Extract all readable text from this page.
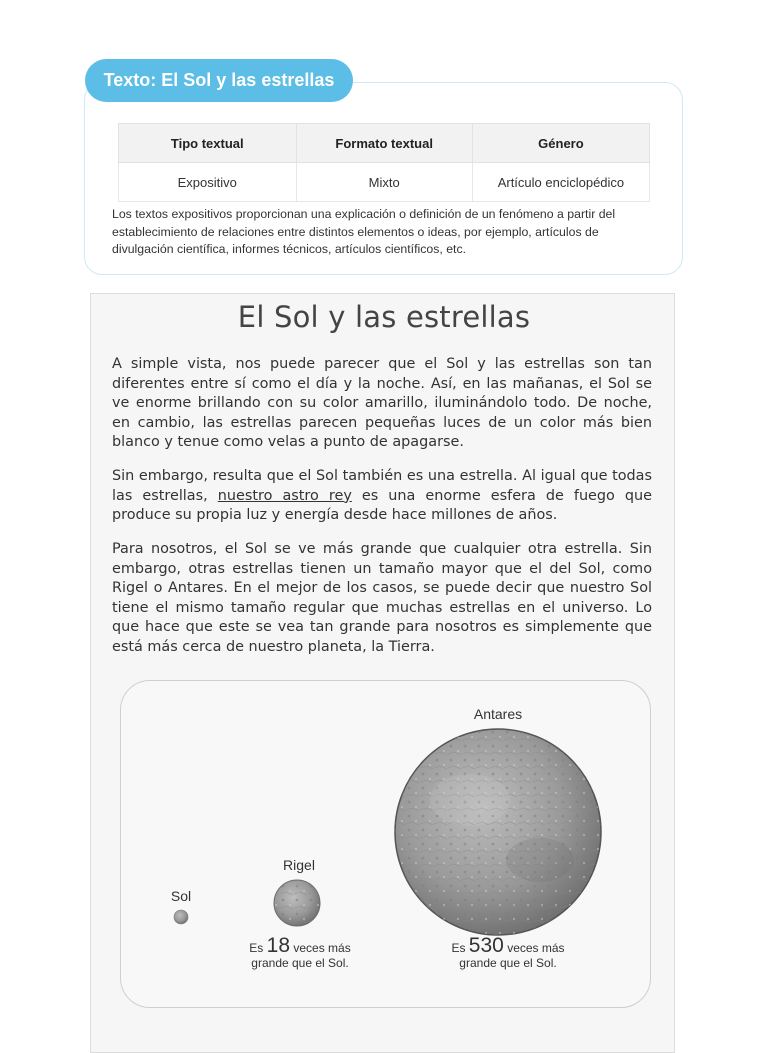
Texto: El Sol y las estrellas
Tipo textual	Formato textual	Género
Expositivo	Mixto	Artículo enciclopédico

Los textos expositivos proporcionan una explicación o definición de un fenómeno a partir del establecimiento de relaciones entre distintos elementos o ideas, por ejemplo, artículos de divulgación científica, informes técnicos, artículos científicos, etc.

El Sol y las estrellas

A simple vista, nos puede parecer que el Sol y las estrellas son tan diferentes entre sí como el día y la noche. Así, en las mañanas, el Sol se ve enorme brillando con su color amarillo, iluminándolo todo. De noche, en cambio, las estrellas parecen pequeñas luces de un color más bien blanco y tenue como velas a punto de apagarse.

Sin embargo, resulta que el Sol también es una estrella. Al igual que todas las estrellas, nuestro astro rey es una enorme esfera de fuego que produce su propia luz y energía desde hace millones de años.

Para nosotros, el Sol se ve más grande que cualquier otra estrella. Sin embargo, otras estrellas tienen un tamaño mayor que el del Sol, como Rigel o Antares. En el mejor de los casos, se puede decir que nuestro Sol tiene el mismo tamaño regular que muchas estrellas en el universo. Lo que hace que este se vea tan grande para nosotros es simplemente que está más cerca de nuestro planeta, la Tierra.

Sol
Rigel
Antares
Es 18 veces más
grande que el Sol.
Es 530 veces más
grande que el Sol.
